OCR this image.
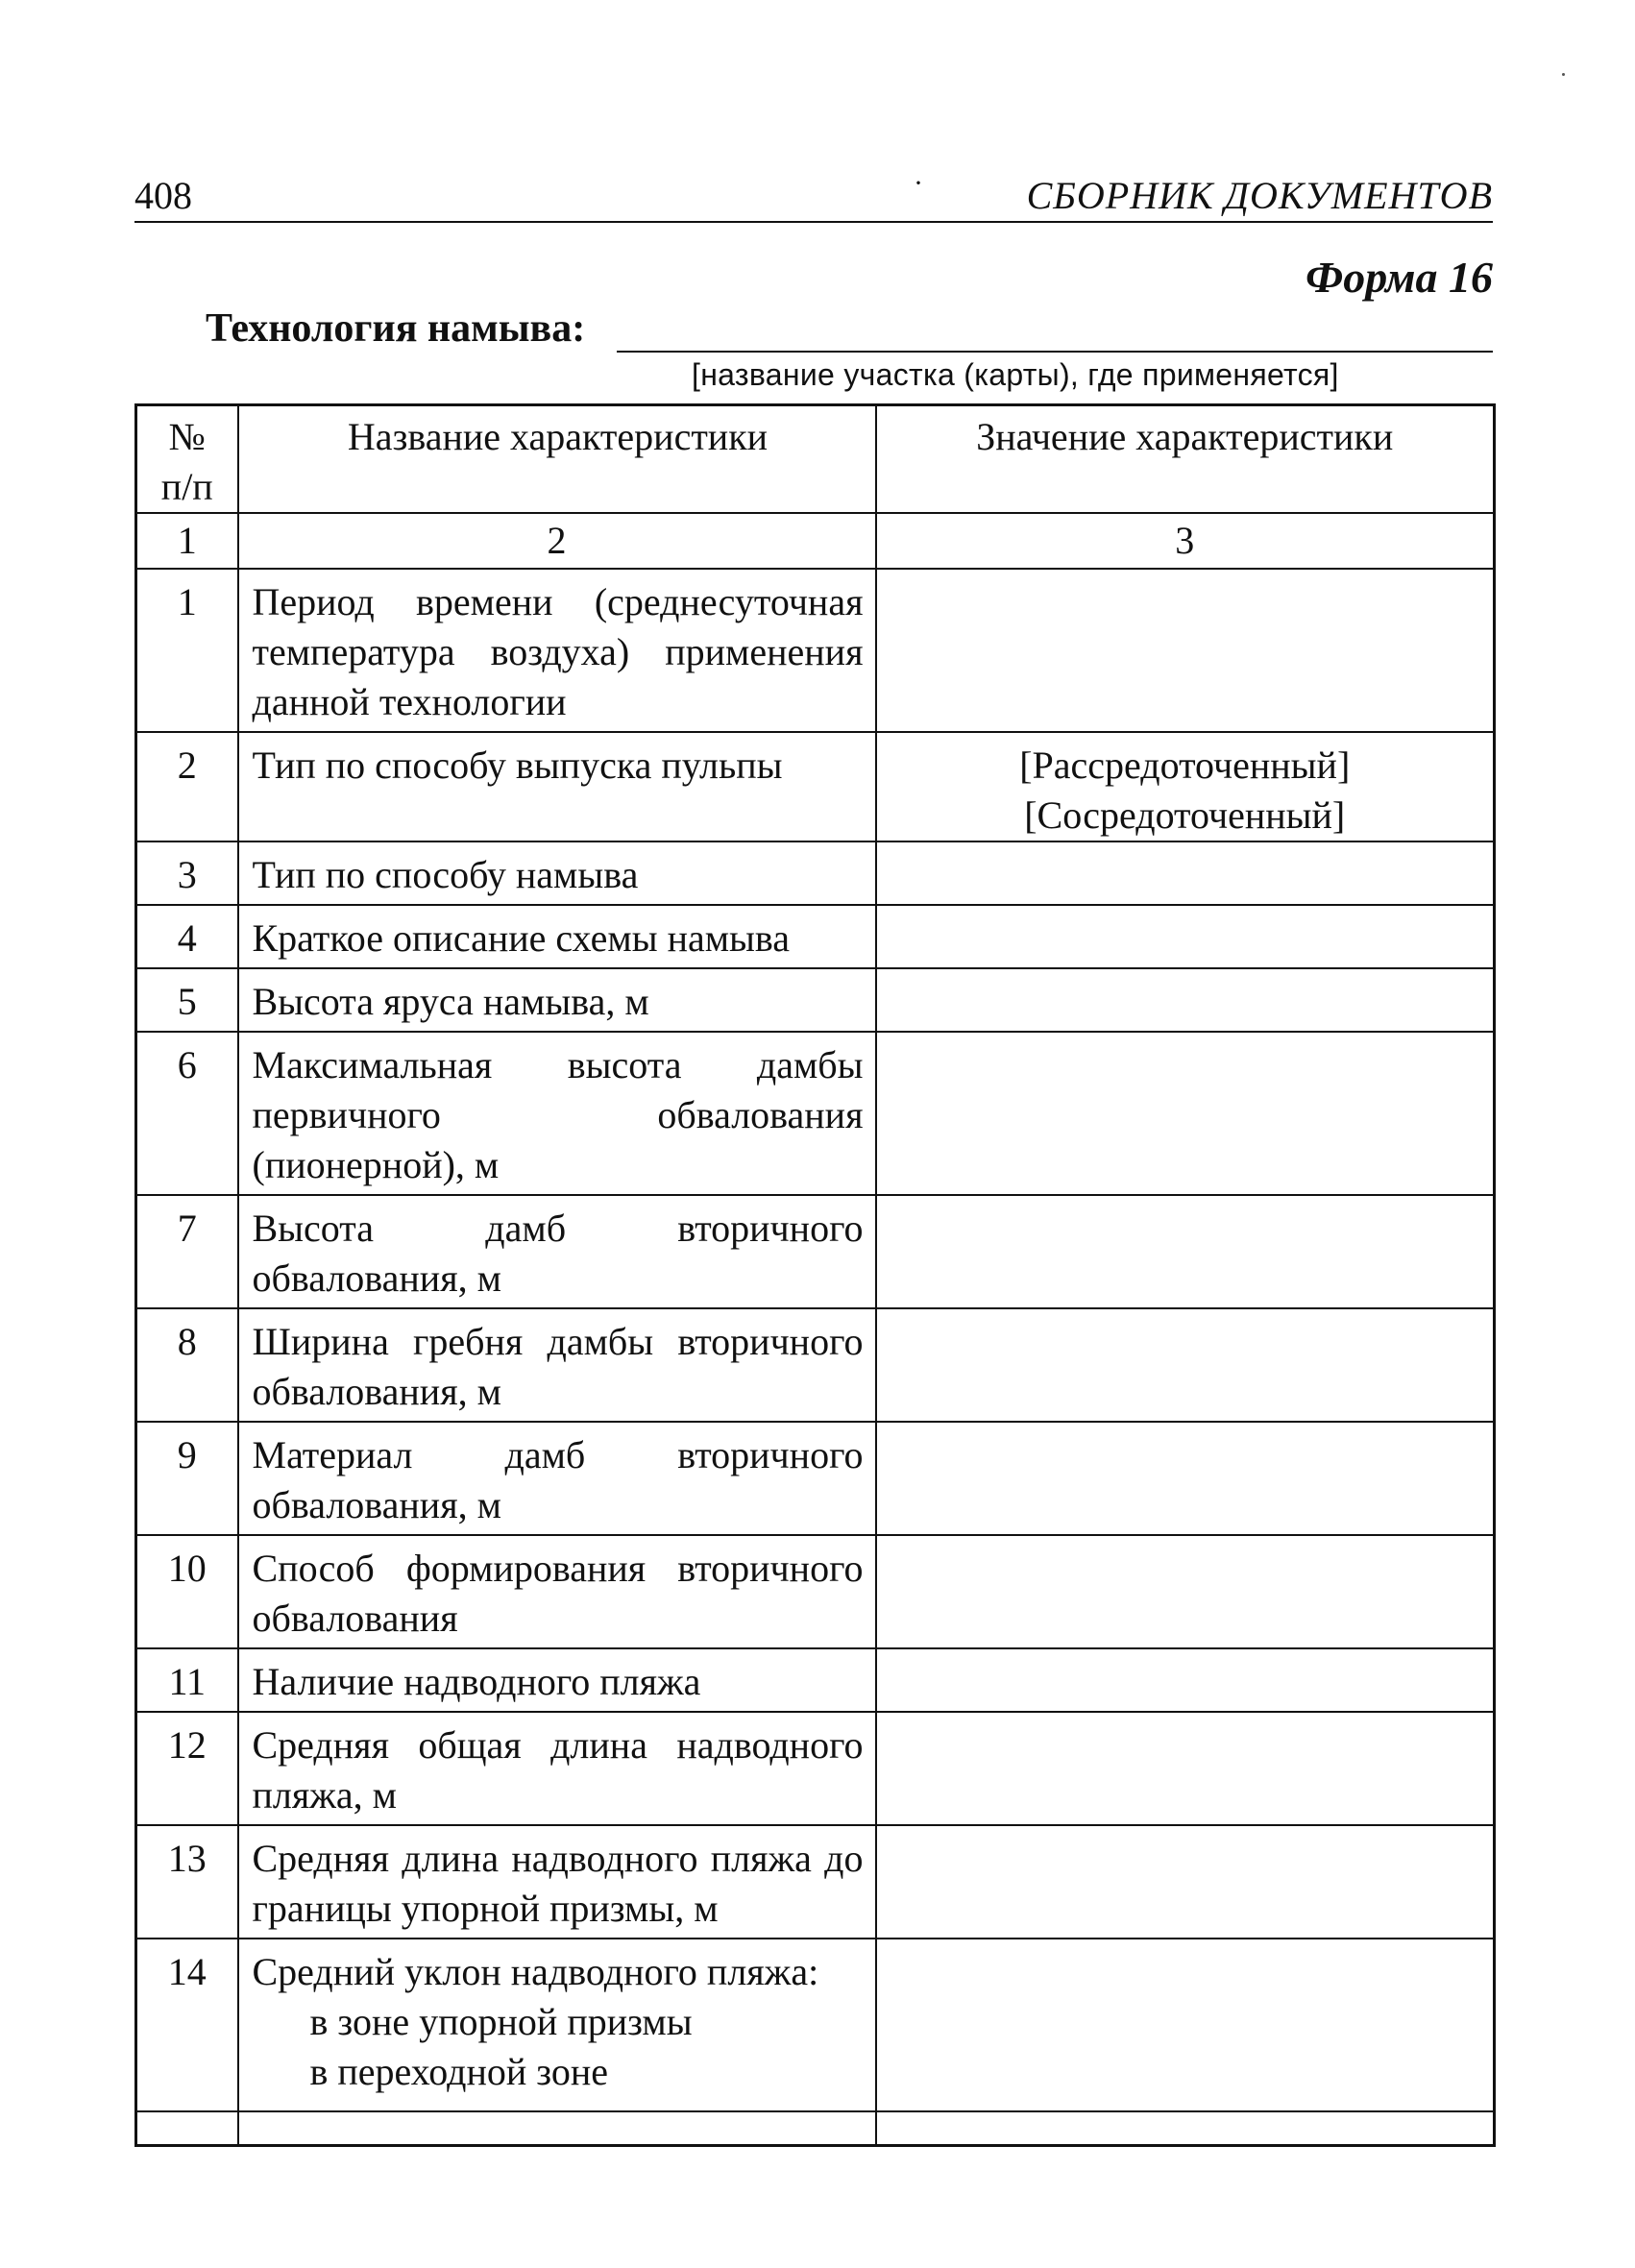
408	·	СБОРНИК ДОКУМЕНТОВ
Форма 16
Технология намыва:
[название участка (карты), где применяется]
№
п/п	Название характеристики	Значение характеристики
1	2	3
1	Период времени (среднесуточная температура воздуха) применения данной технологии	
2	Тип по способу выпуска пульпы	[Рассредоточенный]
[Сосредоточенный]

3	Тип по способу намыва	
4	Краткое описание схемы намыва	
5	Высота яруса намыва, м	
6	Максимальная высота дамбы первичного обвалования (пионерной), м	
7	Высота дамб вторичного обвалования, м	
8	Ширина гребня дамбы вторичного обвалования, м	
9	Материал дамб вторичного обвалования, м	
10	Способ формирования вторичного обвалования	
11	Наличие надводного пляжа	
12	Средняя общая длина надводного пляжа, м	
13	Средняя длина надводного пляжа до границы упорной призмы, м	
14	Средний уклон надводного пляжа:
в зоне упорной призмы
в переходной зоне	
